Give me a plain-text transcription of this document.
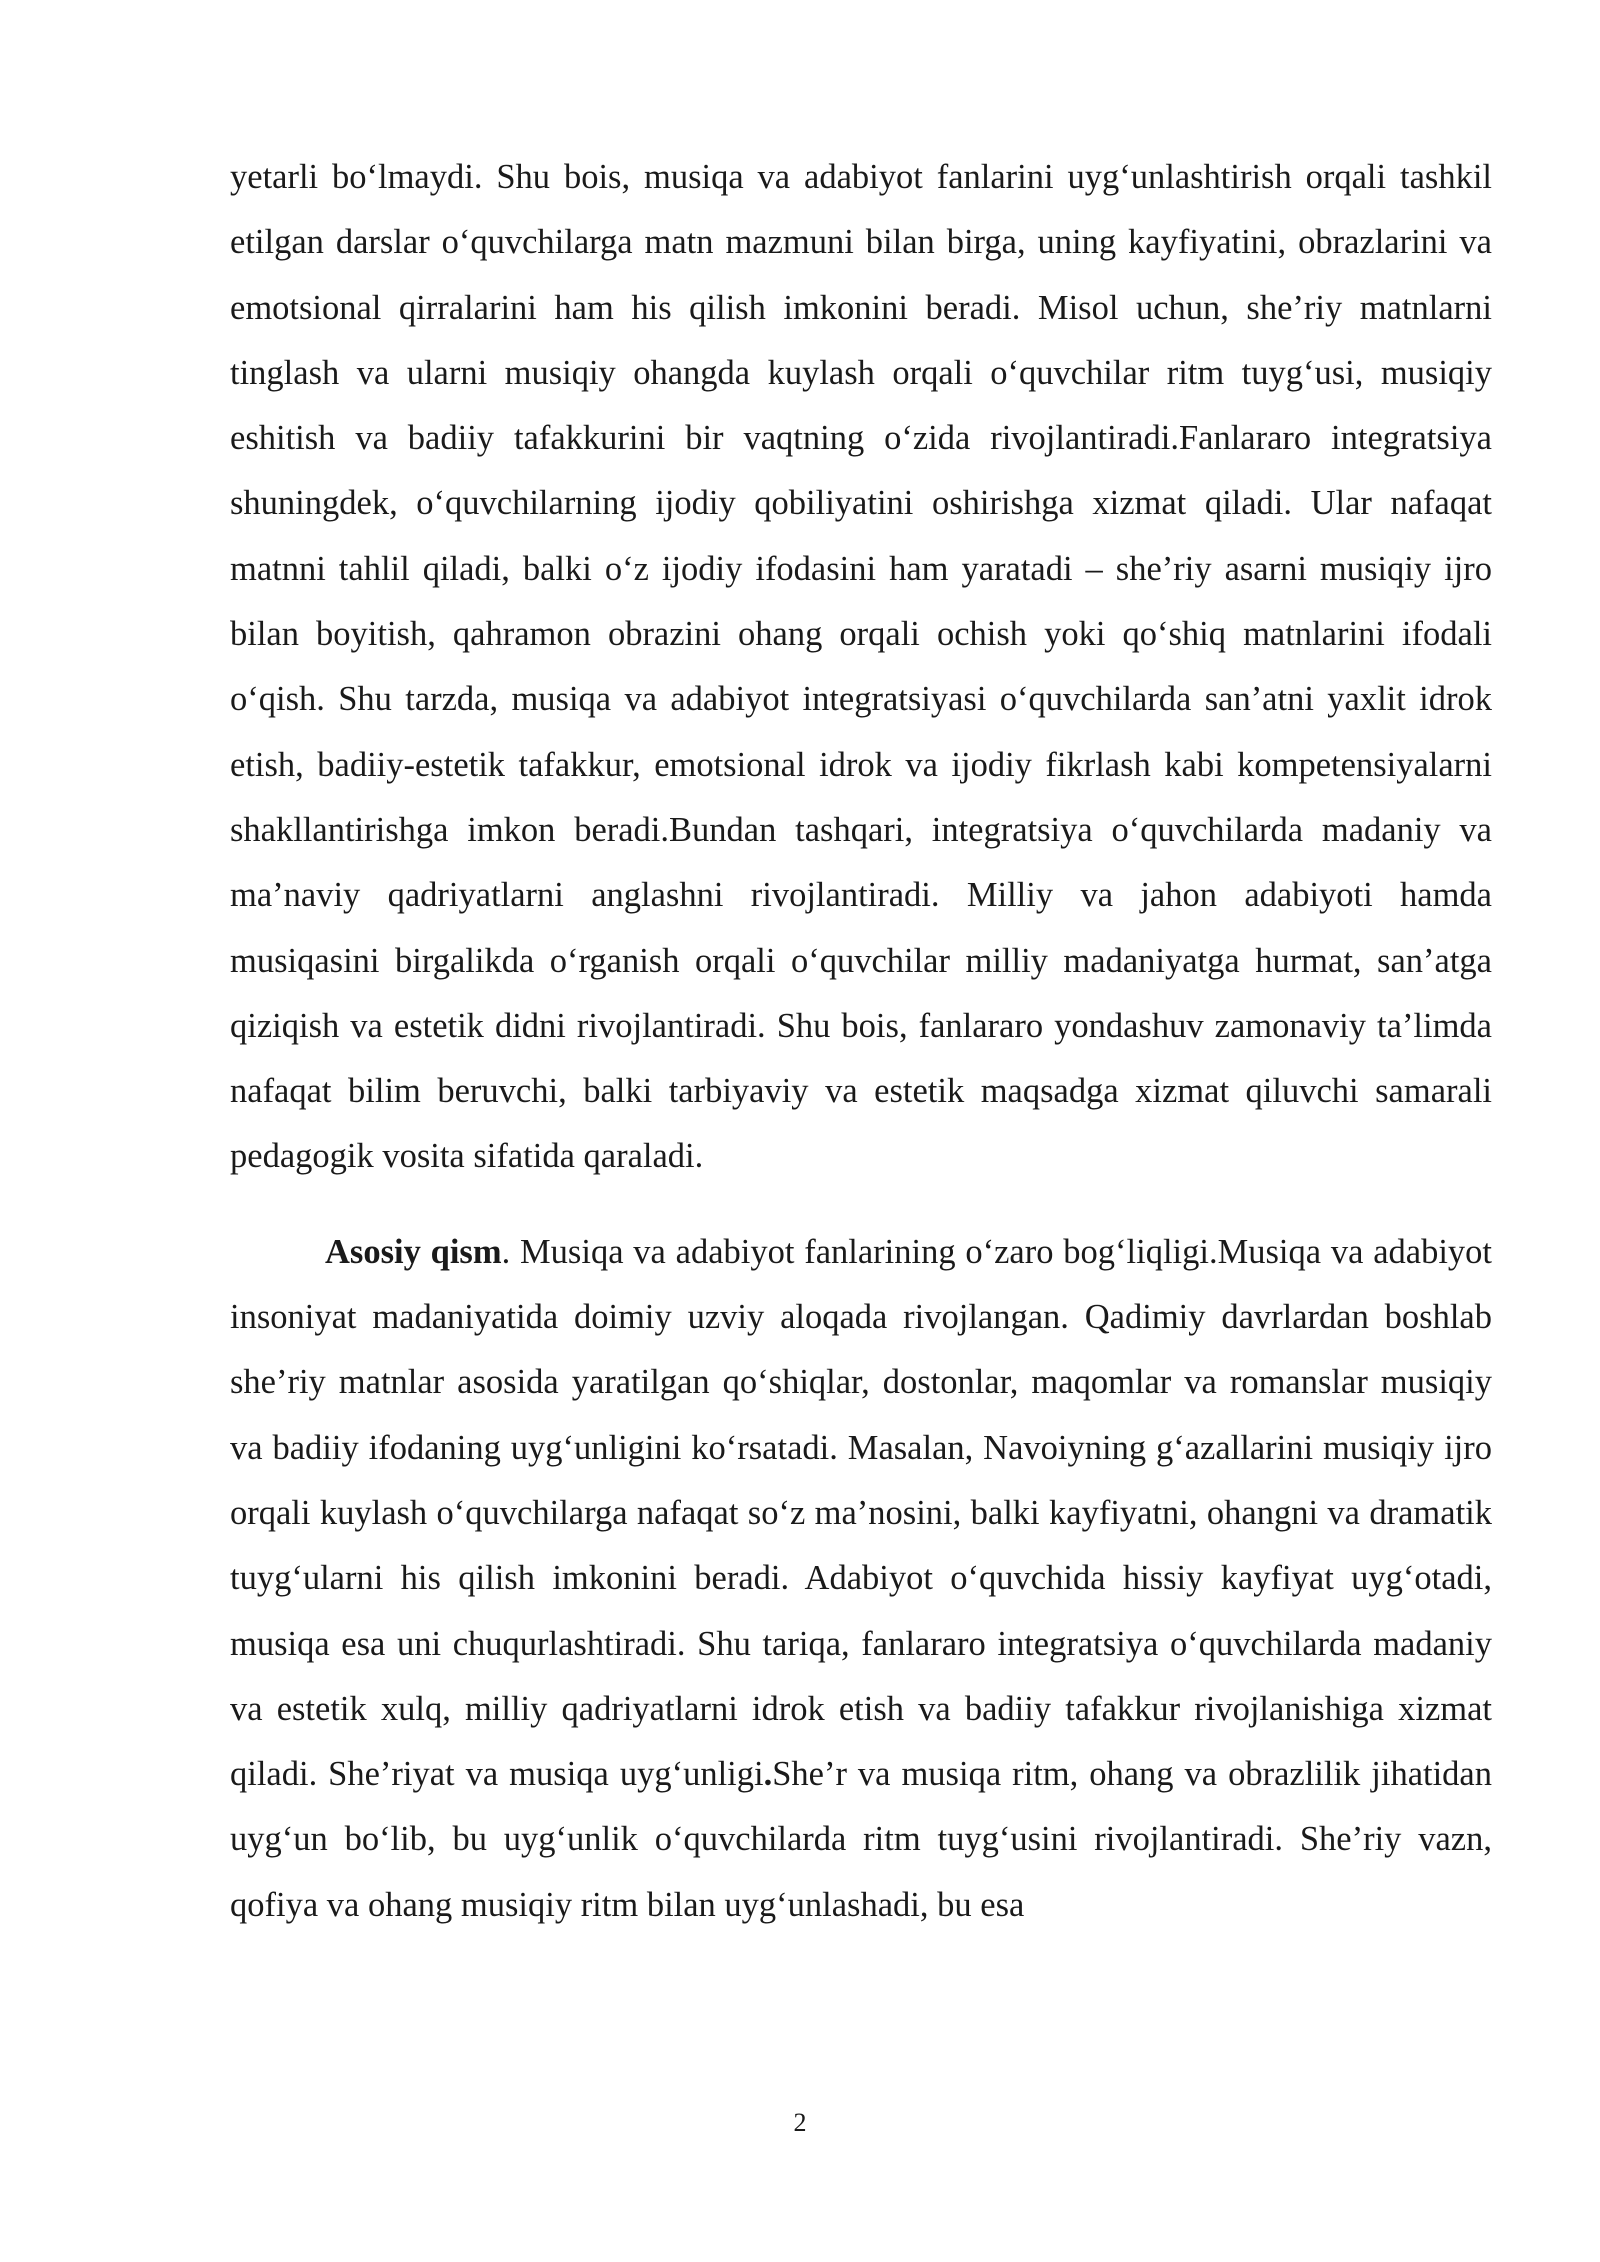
yetarli bo‘lmaydi. Shu bois, musiqa va adabiyot fanlarini uyg‘unlashtirish orqali tashkil etilgan darslar o‘quvchilarga matn mazmuni bilan birga, uning kayfiyatini, obrazlarini va emotsional qirralarini ham his qilish imkonini beradi. Misol uchun, she’riy matnlarni tinglash va ularni musiqiy ohangda kuylash orqali o‘quvchilar ritm tuyg‘usi, musiqiy eshitish va badiiy tafakkurini bir vaqtning o‘zida rivojlantiradi.Fanlararo integratsiya shuningdek, o‘quvchilarning ijodiy qobiliyatini oshirishga xizmat qiladi. Ular nafaqat matnni tahlil qiladi, balki o‘z ijodiy ifodasini ham yaratadi – she’riy asarni musiqiy ijro bilan boyitish, qahramon obrazini ohang orqali ochish yoki qo‘shiq matnlarini ifodali o‘qish. Shu tarzda, musiqa va adabiyot integratsiyasi o‘quvchilarda san’atni yaxlit idrok etish, badiiy-estetik tafakkur, emotsional idrok va ijodiy fikrlash kabi kompetensiyalarni shakllantirishga imkon beradi.Bundan tashqari, integratsiya o‘quvchilarda madaniy va ma’naviy qadriyatlarni anglashni rivojlantiradi. Milliy va jahon adabiyoti hamda musiqasini birgalikda o‘rganish orqali o‘quvchilar milliy madaniyatga hurmat, san’atga qiziqish va estetik didni rivojlantiradi. Shu bois, fanlararo yondashuv zamonaviy ta’limda nafaqat bilim beruvchi, balki tarbiyaviy va estetik maqsadga xizmat qiluvchi samarali pedagogik vosita sifatida qaraladi.

Asosiy qism. Musiqa va adabiyot fanlarining o‘zaro bog‘liqligi.Musiqa va adabiyot insoniyat madaniyatida doimiy uzviy aloqada rivojlangan. Qadimiy davrlardan boshlab she’riy matnlar asosida yaratilgan qo‘shiqlar, dostonlar, maqomlar va romanslar musiqiy va badiiy ifodaning uyg‘unligini ko‘rsatadi. Masalan, Navoiyning g‘azallarini musiqiy ijro orqali kuylash o‘quvchilarga nafaqat so‘z ma’nosini, balki kayfiyatni, ohangni va dramatik tuyg‘ularni his qilish imkonini beradi. Adabiyot o‘quvchida hissiy kayfiyat uyg‘otadi, musiqa esa uni chuqurlashtiradi. Shu tariqa, fanlararo integratsiya o‘quvchilarda madaniy va estetik xulq, milliy qadriyatlarni idrok etish va badiiy tafakkur rivojlanishiga xizmat qiladi. She’riyat va musiqa uyg‘unligi.She’r va musiqa ritm, ohang va obrazlilik jihatidan uyg‘un bo‘lib, bu uyg‘unlik o‘quvchilarda ritm tuyg‘usini rivojlantiradi. She’riy vazn, qofiya va ohang musiqiy ritm bilan uyg‘unlashadi, bu esa

2
